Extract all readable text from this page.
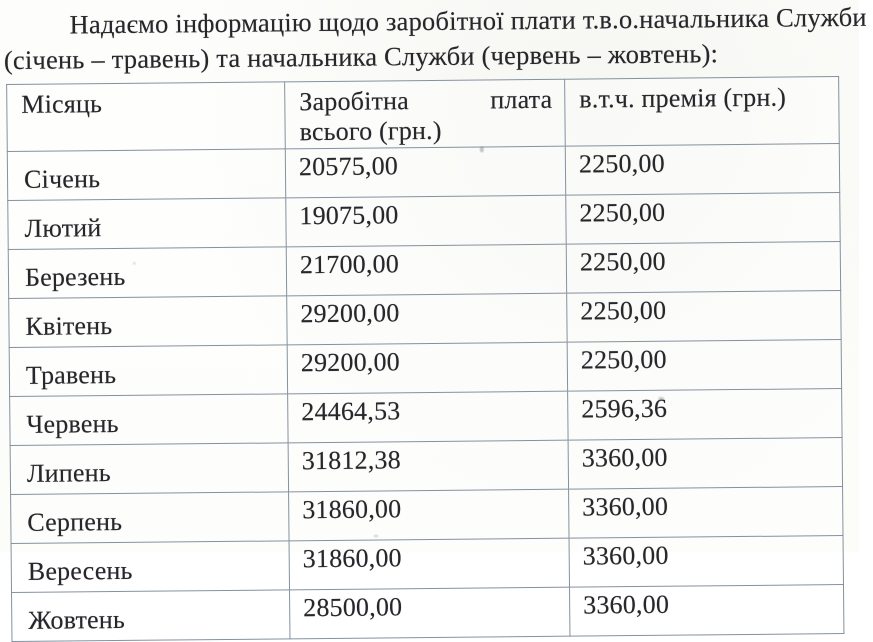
Надаємо інформацію щодо заробітної плати т.в.о.начальника Служби
(січень – травень) та начальника Служби (червень – жовтень):
Місяць	Заробітна плата всього (грн.)	в.т.ч. премія (грн.)
Січень	20575,00	2250,00
Лютий	19075,00	2250,00
Березень	21700,00	2250,00
Квітень	29200,00	2250,00
Травень	29200,00	2250,00
Червень	24464,53	2596,36
Липень	31812,38	3360,00
Серпень	31860,00	3360,00
Вересень	31860,00	3360,00
Жовтень	28500,00	3360,00
